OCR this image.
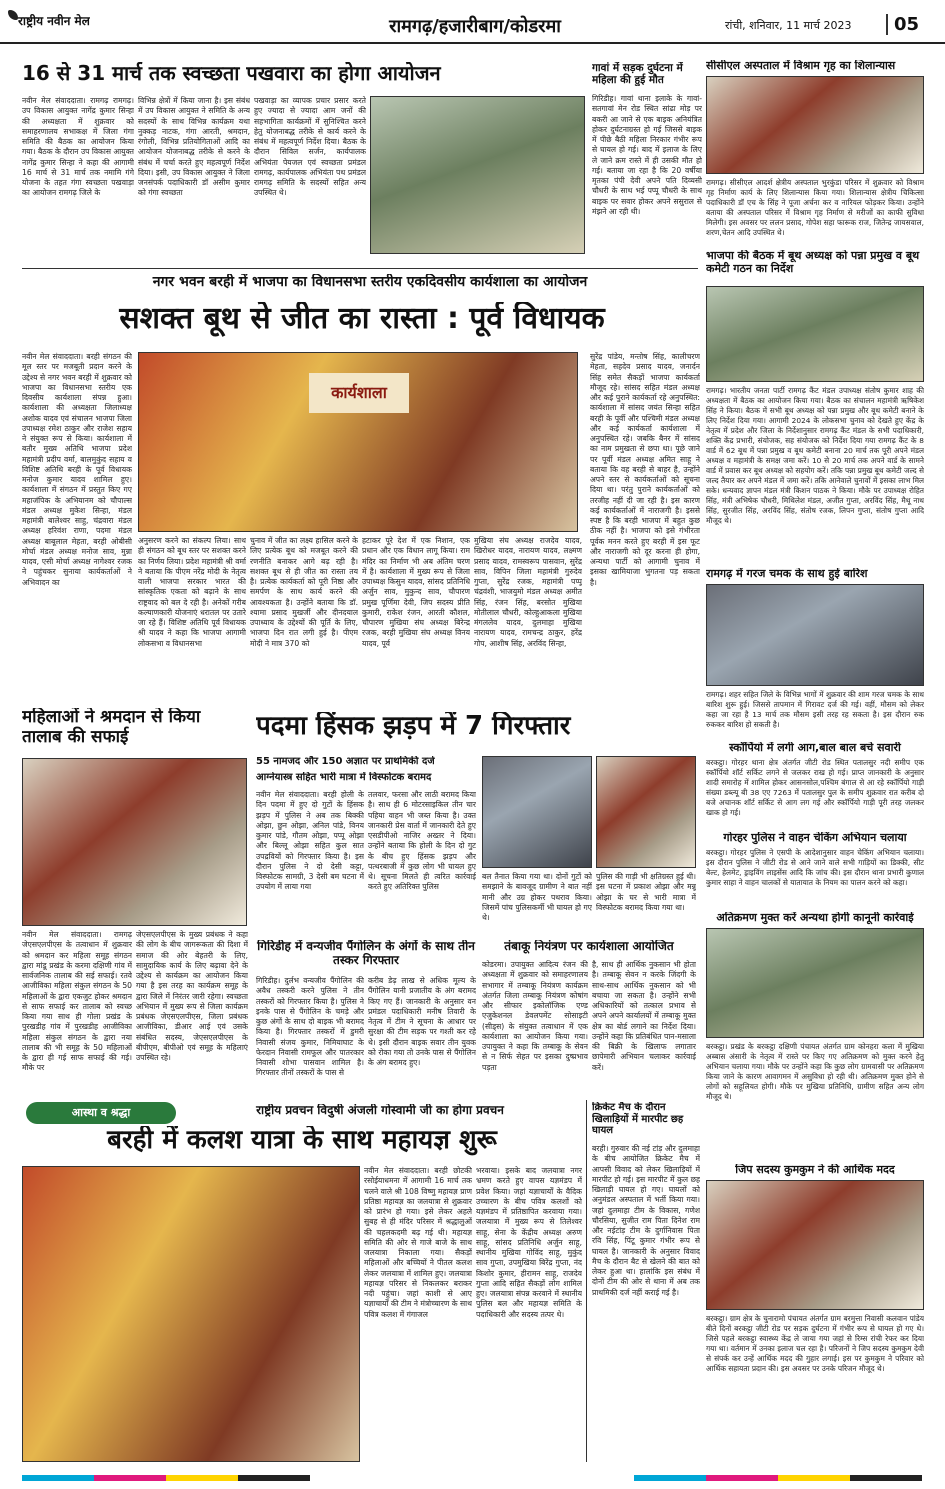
राष्ट्रीय नवीन मेल	रामगढ़/हजारीबाग/कोडरमा	रांची, शनिवार, 11 मार्च 2023	05
16 से 31 मार्च तक स्वच्छता पखवारा का होगा आयोजन
नवीन मेल संवाददाता। रामगढ़ रामगढ़। उप विकास आयुक्त नागेंद्र कुमार सिन्हा की अध्यक्षता में शुक्रवार को समाहरणालय सभाकक्ष में जिला गंगा समिति की बैठक का आयोजन किया गया। बैठक के दौरान उप विकास आयुक्त नागेंद्र कुमार सिन्हा ने कहा की आगामी 16 मार्च से 31 मार्च तक नमामि गंगे योजना के तहत गंगा स्वच्छता पखवाड़ा का आयोजन रामगढ़ जिले के
विभिन्न क्षेत्रों में किया जाना है। इस संबंध में उप विकास आयुक्त ने समिति के अन्य सदस्यों के साथ विभिन्न कार्यक्रम यथा नुक्कड़ नाटक, गंगा आरती, श्रमदान, रंगोली, विभिन्न प्रतियोगिताओं आदि का आयोजन योजनाबद्ध तरीके से करने के संबंध में चर्चा करते हुए महत्वपूर्ण निर्देश दिया। इसी, उप विकास आयुक्त ने जिला जनसंपर्क पदाधिकारी डॉ असीम कुमार को गंगा स्वच्छता
पखवाड़ा का व्यापक प्रचार प्रसार करते हुए ज्यादा से ज्यादा आम जनों की सहभागिता कार्यक्रमों में सुनिश्चित करने हेतु योजनाबद्ध तरीके से कार्य करने के संबंध में महत्वपूर्ण निर्देश दिया। बैठक के दौरान सिविल सर्जन, कार्यपालक अभियंता पेयजल एवं स्वच्छता प्रमंडल रामगढ़, कार्यपालक अभियंता पथ प्रमंडल रामगढ़ समिति के सदस्यों सहित अन्य उपस्थित थे।
गावां में सड़क दुर्घटना में महिला की हुई मौत
गिरिडीह। गावां थाना इलाके के गावां-सतगावां मेन रोड स्थित सांढा मोड़ पर बकरी आ जाने से एक बाइक अनियंत्रित होकर दुर्घटनाग्रस्त हो गई जिससे बाइक में पीछे बैठी महिला निरकार गंभीर रूप से घायल हो गई। बाद में इलाज के लिए ले जाने क्रम रास्ते में ही उसकी मौत हो गई। बताया जा रहा है कि 20 वर्षीया मृतका पंपी देवी अपने पति दिव्यसी चौधरी के साथ भई पप्पू चौधरी के साथ बाइक पर सवार होकर अपने ससुराल से मंझने आ रही थी।
सीसीएल अस्पताल में विश्राम गृह का शिलान्यास
रामगढ़। सीसीएल आदर्श क्षेत्रीय अस्पताल भुरकुंडा परिसर में शुक्रवार को विश्राम गृह निर्माण कार्य के लिए शिलान्यास किया गया। शिलान्यास क्षेत्रीय चिकित्सा पदाधिकारी डॉ एच के सिंह ने पूजा अर्चना कर व नारियल फोड़कर किया। उन्होंने बताया की अस्पताल परिसर में विश्राम गृह निर्माण से मरीजों का काफी सुविधा मिलेगी। इस अवसर पर ललन प्रसाद, गोपेश सहा फारूक राज, जितेन्द्र जायसवाल, शरण,चेतन आदि उपस्थित थे।
भाजपा की बैठक में बूथ अध्यक्ष को पन्ना प्रमुख व बूथ कमेटी गठन का निर्देश
रामगढ़। भारतीय जनता पार्टी रामगढ़ कैंट मंडल उपाध्यक्ष संतोष कुमार शाह की अध्यक्षता में बैठक का आयोजन किया गया। बैठक का संचालन महामंत्री ऋषिकेश सिंह ने किया। बैठक में सभी बूथ अध्यक्ष को पन्ना प्रमुख और बूथ कमेटी बनाने के लिए निर्देश दिया गया। आगामी 2024 के लोकसभा चुनाव को देखते हुए केंद्र के नेतृत्व में प्रदेश और जिला के निर्देशानुसार रामगढ़ कैंट मंडल के सभी पदाधिकारी, शक्ति केंद्र प्रभारी, संयोजक, सह संयोजक को निर्देश दिया गया रामगढ़ कैंट के 8 वार्ड में 62 बूथ में पन्ना प्रमुख व बूथ कमेटी बनाना 20 मार्च तक पूरी अपने मंडल अध्यक्ष व महामंत्री के समक्ष जमा करें। 10 से 20 मार्च तक अपने वार्ड के सामने वार्ड में प्रवास कर बूथ अध्यक्ष को सहयोग करें। तकि पन्ना प्रमुख बूथ कमेटी जल्द से जल्द तैयार कर अपने मंडल में जमा करें। तकि आनेवाले चुनावों में इसका लाभ मिल सके। धन्यवाद ज्ञापन मंडल मंत्री किशन पाठक ने किया। मौके पर उपाध्यक्ष रोहित सिंह, मंत्री अभिषेक चौधरी, मिथिलेश मंडल, अजीत गुप्ता, अरविंद सिंह, मैथू नाथ सिंह, सुरजीत सिंह, अरविंद सिंह, संतोष रजक, लिपन गुप्ता, संतोष गुप्ता आदि मौजूद थे।
नगर भवन बरही में भाजपा का विधानसभा स्तरीय एकदिवसीय कार्यशाला का आयोजन
सशक्त बूथ से जीत का रास्ता : पूर्व विधायक
नवीन मेल संवाददाता। बरही संगठन की मूल स्तर पर मजबूती प्रदान करने के उद्देश्य से नगर भवन बरही में शुक्रवार को भाजपा का विधानसभा स्तरीय एक दिवसीय कार्यशाला संपन्न हुआ। कार्यशाला की अध्यक्षता जिलाध्यक्ष अशोक यादव एवं संचालन भाजपा जिला उपाध्यक्ष रमेश ठाकुर और राजेश सहाय ने संयुक्त रूप से किया। कार्यशाला में बतौर मुख्य अतिथि भाजपा प्रदेश महामंत्री प्रदीप वर्मा, बालमुकुंद सहाय व विशिष्ट अतिथि बरही के पूर्व विधायक मनोज कुमार यादव शामिल हुए। कार्यशाला में संगठन में प्रस्तुत किए गए महाजंपिक के अभियानम को चौपाल्स मंडल अध्यक्ष मुकेश सिन्हा, मंडल महामंत्री बालेश्वर साहु, चंद्रवारा मंडल अध्यक्ष हरिवंश राणा, पदमा मंडल अध्यक्ष बाबूलाल मेहता, बरही ओबीसी मोर्चा मंडल अध्यक्ष मनोज साव, मुन्ना यादव, एसी मोर्चा अध्यक्ष नागेश्वर रजक ने पहुंचकर सुनाया कार्यकर्ताओं ने अभिवादन का
कार्यशाला
अनुसरण करने का संकल्प लिया। साथ ही संगठन को बूथ स्तर पर सशक्त करने का निर्णय लिया। प्रदेश महामंत्री श्री वर्मा ने बताया कि पीएम नरेंद्र मोदी के नेतृत्व वाली भाजपा सरकार भारत की सांस्कृतिक एकता को बढ़ाने के साथ राष्ट्रवाद को बल दे रही है। अनेकों गरीब कल्याणकारी योजनाएं धरातल पर उतारे जा रहे हैं। विशिष्ट अतिथि पूर्व विधायक श्री यादव ने कहा कि भाजपा आगामी लोकसभा व विधानसभा
चुनाव में जीत का लक्ष्य हासिल करने के लिए प्रत्येक बूथ को मजबूत करने की रणनीति बनाकर आगे बढ़ रही है। सशक्त बूथ से ही जीत का रास्ता तय है। प्रत्येक कार्यकर्ता को पूरी निष्ठा और समर्पण के साथ कार्य करने की आवश्यकता है। उन्होंने बताया कि डॉ. श्यामा प्रसाद मुखर्जी और दीनदयाल उपाध्याय के उद्देश्यों की पूर्ति के लिए, भाजपा दिन रात लगी हुई है। पीएम मोदी ने मात्र 370 को
हटाकर पूरे देश में एक निशान, एक प्रधान और एक विधान लागू किया। राम मंदिर का निर्माण भी अब अंतिम चरण में है। कार्यशाला में मुख्य रूप से जिला उपाध्यक्ष किसुन यादव, सांसद प्रतिनिधि अर्जुन साव, मुकुन्द साव, चौपारण प्रमुख पूर्णिमा देवी, जिप सदस्य प्रीति कुमारी, राकेश रंजन, आरती कौशल, चौपारण मुखिया संघ अध्यक्ष बिरेन्द्र रजक, बरही मुखिया संघ अध्यक्ष विनय यादव, पूर्व
मुखिया संघ अध्यक्ष राजदेव यादव, खिरोधर यादव, नारायण यादव, लक्ष्मण प्रसाद यादव, रामस्वरूप पासवान, सुरेंद्र साव, विपिन जिला महामंत्री गुरुदेव गुप्ता, सुरेंद्र रजक, महामंत्री पप्पू चंद्रवंशी, भाजयुमो मंडल अध्यक्ष अमीत सिंह, रंजन सिंह, बरसोत मुखिया मोतीलाल चौधरी, कोल्हुआकला मुखिया मंगललेव यादव, दुलमाहा मुखिया नारायण यादव, रामचन्द्र ठाकुर, हरेंद्र गोप, आशीष सिंह, अरविंद सिन्हा,
सुरेंद्र पांडेय, मन्तोष सिंह, कालीचरण मेहता, सहदेव प्रसाद यादव, जनार्दन सिंह समेत सैकड़ों भाजपा कार्यकर्ता मौजूद रहे। सांसद सहित मंडल अध्यक्ष और कई पुराने कार्यकर्ता रहे अनुपस्थित: कार्यशाला में सांसद जयंत सिन्हा सहित बरही के पूर्वी और पश्चिमी मंडल अध्यक्ष और कई कार्यकर्ता कार्यशाला में अनुपस्थित रहे। जबकि बैनर में सांसद का नाम प्रमुखता से छपा था। पूछे जाने पर पूर्वी मंडल अध्यक्ष अमित साहू ने बताया कि वह बरही से बाहर है, उन्होंने अपने स्तर से कार्यकर्ताओं को सूचना दिया था। परंतु पुराने कार्यकर्ताओं को तरजीह नहीं दी जा रही है। इस कारण कई कार्यकर्ताओं में नाराजगी है। इससे स्पष्ट है कि बरही भाजपा में बहुत कुछ ठीक नहीं है। भाजपा को इसे गंभीरता पूर्वक मनन करते हुए बरही में इस फूट और नाराजगी को दूर करना ही होगा, अन्यथा पार्टी को आगामी चुनाव में इसका खामियाजा भुगतना पड़ सकता है।
रामगढ़ में गरज चमक के साथ हुई बारिश
रामगढ़। शहर सहित जिले के विभिन्न भागों में शुक्रवार की शाम गरज चमक के साथ बारिश शुरू हुई। जिससे तापमान में गिरावट दर्ज की गई। वहीं, मौसम को लेकर कहा जा रहा है 13 मार्च तक मौसम इसी तरह रह सकता है। इस दौरान रुक रुककर बारिश हो सकती है।
स्कॉर्पियो में लगी आग,बाल बाल बचे सवारी
बरकट्ठा। गोरहर थाना क्षेत्र अंतर्गत जीटी रोड स्थित पतालसुर नदी समीप एक स्कॉर्पियो शॉर्ट सर्किट लगने से जलकर राख हो गई। प्राप्त जानकारी के अनुसार शादी समारोह में शामिल होकर आसनसोल,पश्चिम बंगाल से आ रहे स्कॉर्पियो गाड़ी संख्या डब्ल्यू बी 38 एए 7263 में पतालसुर पुल के समीप शुक्रवार रात करीब दो बजे अचानक शॉर्ट सर्किट से आग लग गई और स्कॉर्पियो गाड़ी पूरी तरह जलकर खाक हो गई।
गोरहर पुलिस ने वाहन चेकिंग अभियान चलाया
बरकट्ठा। गोरहर पुलिस ने एसपी के आदेशानुसार वाहन चेकिंग अभियान चलाया। इस दौरान पुलिस ने जीटी रोड से आने जाने वाले सभी गाड़ियों का डिक्की, सीट बेल्ट, हेलमेट, ड्राइविंग लाइसेंस आदि कि जांच की। इस दौरान थाना प्रभारी कुणाल कुमार साहा ने वाहन चालकों से यातायात के नियम का पालन करने को कहा।
अतिक्रमण मुक्त करें अन्यथा होगी कानूनी कार्रवाई
बरकट्ठा। प्रखंड के बरकट्ठा दक्षिणी पंचायत अंतर्गत ग्राम कोनहरा कला में मुखिया अब्बास अंसारी के नेतृत्व में रास्ते पर किए गए अतिक्रमण को मुक्त करने हेतु अभियान चलाया गया। मौके पर उन्होंने कहा कि कुछ लोग ग्रामवासी पर अतिक्रमण किया जाने के कारण आवागमन में असुविधा हो रही थी। अतिक्रमण मुक्त होने से लोगों को सहूलियत होगी। मौके पर मुखिया प्रतिनिधि, ग्रामीण सहित अन्य लोग मौजूद थे।
महिलाओं ने श्रमदान से किया तालाब की सफाई
नवीन मेल संवाददाता। रामगढ़ जेएसएलपीएस के तत्वाधान में शुक्रवार को श्रमदान कर महिला समूह संगठन द्वारा मांडू प्रखंड के करमा दक्षिणी गांव में सार्वजनिक तालाब की सई सफाई। रतवे आजीविका महिला संकुल संगठन के 50 महिलाओं के द्वारा एकजुट होकर श्रमदान से साफ सफाई कर तालाब को स्वच्छ किया गया साथ ही गोला प्रखंड के पुरखडीह गांव में पुरखडीह आजीविका महिला संकुल संगठन के द्वारा नया तालाब की भी समूह के 50 महिलाओं के द्वारा ही गई साफ सफाई की गई। मौके पर
जेएसएलपीएस के मुख्य प्रबंधक ने कहा की लोग के बीच जागरूकता की दिशा में समाज की ओर बेहतरी के लिए, सामुदायिक कार्य के लिए बढ़ावा देने के उद्देश्य से कार्यक्रम का आयोजन किया गया है इस तरह का कार्यक्रम समूह के द्वारा जिले में निरंतर जारी रहेगा। स्वच्छता अभियान में मुख्य रूप से जिला कार्यक्रम प्रबंधक जेएसएलपीएस, जिला प्रबंधक आजीविका, डीआर आई एवं उसके संबंधित सदस्य, जेएसएलपीएस के बीपीएम, बीपीओ एवं समूह के महिलाएं उपस्थित रहे।
पदमा हिंसक झड़प में 7 गिरफ्तार
55 नामजद और 150 अज्ञात पर प्राथमिकी दर्ज
आग्नेयास्त्र सहित भारी मात्रा में विस्फोटक बरामद
नवीन मेल संवाददाता। बरही होली के दिन पदमा में हुए दो गुटों के हिंसक झड़प में पुलिस ने अब तक बिक्की ओझा, छुन ओझा, अनिल पांडे, विनय कुमार पांडे, गौतम ओझा, पप्पू ओझा और बिल्लू ओझा सहित कुल सात उपद्रवियों को गिरफ्तार किया है। इस दौरान पुलिस ने दो देसी कट्टा, विस्फोटक सामग्री, 3 देसी बम घटना में उपयोग में लाया गया
तलवार, फरसा और लाठी बरामद किया है। साथ ही 6 मोटरसाइकिल तीन चार पहिया वाहन भी जब्त किया है। उक्त जानकारी प्रेस वार्ता में जानकारी देते हुए एसडीपीओ नाजिर अख्तर ने दिया। उन्होंने बताया कि होली के दिन दो गुट के बीच हुए हिंसक झड़प और पत्थरबाजी में कुछ लोग भी घायल हुए थे। सूचना मिलते ही त्वरित कार्रवाई करते हुए अतिरिक्त पुलिस
बल तैनात किया गया था। दोनों गुटों को समझाने के बावजूद ग्रामीण ने बात नहीं मानी और उग्र होकर पथराव किया। जिसमें पांच पुलिसकर्मी भी घायल हो गए थे।
पुलिस की गाड़ी भी क्षतिग्रस्त हुई थी। इस घटना में प्रकाश ओझा और मन्नू ओझा के घर से भारी मात्रा में विस्फोटक बरामद किया गया था।
गिरिडीह में वन्यजीव पैंगोलिन के अंगों के साथ तीन तस्कर गिरफ्तार
गिरिडीह। दुर्लभ वन्यजीव पैंगोलिन की अवैध तस्करी करने पुलिस ने तीन तस्करों को गिरफ्तार किया है। पुलिस ने इनके पास से पैंगोलिन के चमड़े और कुछ अंगों के साथ दो बाइक भी बरामद किया है। गिरफ्तार तस्करों में डुमरी निवासी संजय कुमार, निमियाघाट के फेरदान निवासी रामफूल और पातरकार निवासी शोभा पासवान शामिल है। गिरफ्तार तीनों तस्करों के पास से
करीब डेढ़ लाख से अधिक मूल्य के पैंगोलिन यानी प्रजातीय के अंग बरामद किए गए हैं। जानकारी के अनुसार वन प्रमंडल पदाधिकारी मनीष तिवारी के नेतृत्व में टीम ने सूचना के आधार पर सुरक्षा की टीम सड़क पर गश्ती कर रहे थे। इसी दौरान बाइक सवार तीन युवक को रोका गया तो उनके पास से पैंगोलिन के अंग बरामद हुए।
तंबाकू नियंत्रण पर कार्यशाला आयोजित
कोडरमा। उपायुक्त आदित्य रंजन की अध्यक्षता में शुक्रवार को समाहरणालय सभागार में तम्बाकू नियंत्रण कार्यक्रम अंतर्गत जिला तम्बाकू नियंत्रण कोषांग और सीफार इकोलॉजिक एण्ड एजुकेशनल डेवलपमेंट सोसाइटी (सीड्स) के संयुक्त तत्वाधान में एक कार्यशाला का आयोजन किया गया। उपायुक्त ने कहा कि तम्बाकू के सेवन से न सिर्फ सेहत पर इसका दुष्प्रभाव पड़ता
है, साथ ही आर्थिक नुकसान भी होता है। तम्बाकू सेवन न करके जिंदगी के साथ-साथ आर्थिक नुकसान को भी बचाया जा सकता है। उन्होंने सभी अधिकारियों को तत्काल प्रभाव से अपने अपने कार्यालयों में तम्बाकू मुक्त क्षेत्र का बोर्ड लगाने का निर्देश दिया। उन्होंने कहा कि प्रतिबंधित पान-मसाला की बिक्री के खिलाफ लगातार छापेमारी अभियान चलाकर कार्रवाई करें।
आस्था व श्रद्धा	राष्ट्रीय प्रवचन विदुषी अंजली गोस्वामी जी का होगा प्रवचन
बरही में कलश यात्रा के साथ महायज्ञ शुरू
नवीन मेल संवाददाता। बरही छोटकी रसोईयाधमना में आगामी 16 मार्च तक चलने वाले श्री 108 विष्णु महायज्ञ प्राण प्रतिष्ठा महायज्ञ का जलयात्रा से शुक्रवार को प्रारंभ हो गया। इसे लेकर अहले सुबह से ही मंदिर परिसर में श्रद्धालुओं की चहलकदमी बढ़ गई थी। महायज्ञ समिति की ओर से गाजे बाजे के साथ जलयात्रा निकाला गया। सैकड़ों महिलाओं और बच्चियों ने पीतल कलश लेकर जलयात्रा में शामिल हुए। जलयात्रा महायज्ञ परिसर से निकलकर बराकर नदी पहुंचा। जहां काशी से आए यज्ञाचार्यों की टीम ने मंत्रोच्चारण के साथ पवित्र कलश में गंगाजल
भरवाया। इसके बाद जलयात्रा नगर भ्रमण करते हुए वापस यज्ञमंडप में प्रवेश किया। जहां यज्ञाचार्यों के वैदिक उच्चारण के बीच पवित्र कलशों को यज्ञमंडप में प्रतिष्ठापित करवाया गया। जलयात्रा में मुख्य रूप से तिलेश्वर साहू, सेना के केंद्रीय अध्यक्ष अरुण साहू, सांसद प्रतिनिधि अर्जुन साहू, स्थानीय मुखिया गोविंद साहू, मुकुंद साव गुप्ता, उपमुखिया बिरेंद्र गुप्ता, नंद किशोर कुमार, हीरामन साहू, राजदेव गुप्ता आदि सहित सैकड़ों लोग शामिल हुए। जलयात्रा संपन्न करवाने में स्थानीय पुलिस बल और महायज्ञ समिति के पदाधिकारी और सदस्य तत्पर थे।
क्रिकेट मैच के दौरान खिलाड़ियों में मारपीट छह घायल
बरही। गुरुवार की नई टांड़ और दुलमाहा के बीच आयोजित क्रिकेट मैच में आपसी विवाद को लेकर खिलाड़ियों में मारपीट हो गई। इस मारपीट में कुल छह खिलाड़ी घायल हो गए। घायलों को अनुमंडल अस्पताल में भर्ती किया गया। जहां दुलमाहा टीम के विकास, गणेश चौरसिया, सुजीत राम पिता दिनेश राम और नईटांड़ टीम के दुर्गानिवास पिता रवि सिंह, पिंटू कुमार गंभीर रूप से घायल है। जानकारी के अनुसार विवाद मैच के दौरान बैट से खेलने की बात को लेकर हुआ था। हालांकि इस संबंध में दोनों टीम की ओर से थाना में अब तक प्राथमिकी दर्ज नहीं कराई गई है।
जिप सदस्य कुमकुम ने की आर्थिक मदद
बरकट्ठा। ग्राम क्षेत्र के चुनारामो पंचायत अंतर्गत ग्राम बरमुत्ता निवासी कलवान पांडेय बीते दिनों बरकट्ठा जीटी रोड पर सड़क दुर्घटना में गंभीर रूप से घायल हो गए थे। जिसे पहले बरकट्ठा स्वास्थ्य केंद्र ले जाया गया जहां से रिम्स रांची रेफर कर दिया गया था। वर्तमान में उनका इलाज चल रहा है। परिजनों ने जिप सदस्य कुमकुम देवी से संपर्क कर उन्हें आर्थिक मदद की गुहार लगाई। इस पर कुमकुम ने परिवार को आर्थिक सहायता प्रदान की। इस अवसर पर उनके परिजन मौजूद थे।
